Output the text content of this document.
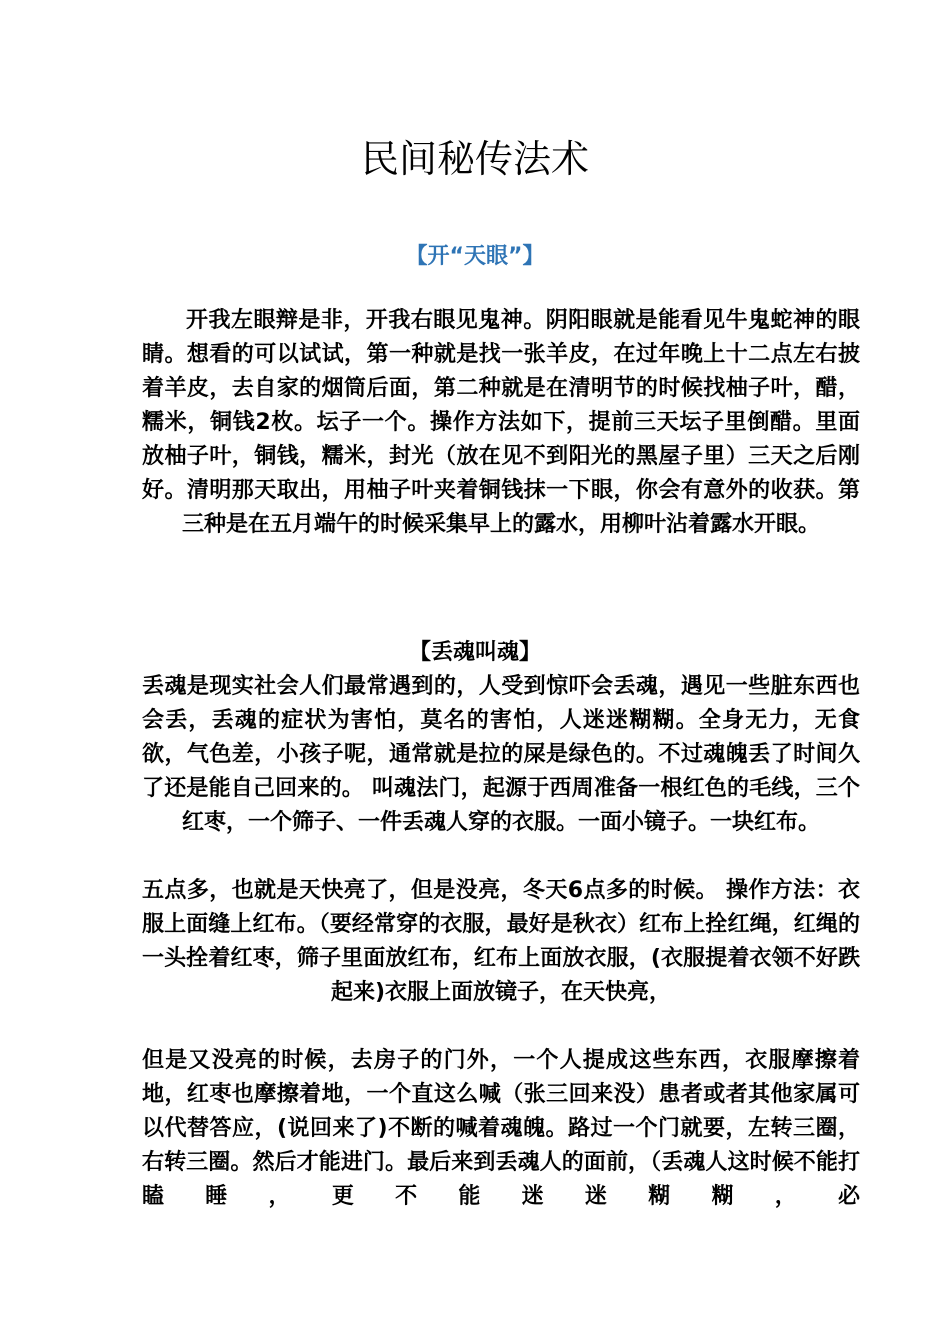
民间秘传法术
【开“天眼”】

开我左眼辩是非，开我右眼见鬼神。阴阳眼就是能看见牛鬼蛇神的眼睛。想看的可以试试，第一种就是找一张羊皮，在过年晚上十二点左右披着羊皮，去自家的烟筒后面，第二种就是在清明节的时候找柚子叶，醋，糯米，铜钱2枚。坛子一个。操作方法如下，提前三天坛子里倒醋。里面放柚子叶，铜钱，糯米，封光（放在见不到阳光的黑屋子里）三天之后刚好。清明那天取出，用柚子叶夹着铜钱抹一下眼，你会有意外的收获。第三种是在五月端午的时候采集早上的露水，用柳叶沾着露水开眼。

【丢魂叫魂】

丢魂是现实社会人们最常遇到的，人受到惊吓会丢魂，遇见一些脏东西也会丢，丢魂的症状为害怕，莫名的害怕，人迷迷糊糊。全身无力，无食欲，气色差，小孩子呢，通常就是拉的屎是绿色的。不过魂魄丢了时间久了还是能自己回来的。 叫魂法门，起源于西周准备一根红色的毛线，三个红枣，一个筛子、一件丢魂人穿的衣服。一面小镜子。一块红布。

五点多，也就是天快亮了，但是没亮，冬天6点多的时候。 操作方法：衣服上面缝上红布。（要经常穿的衣服，最好是秋衣）红布上拴红绳，红绳的一头拴着红枣，筛子里面放红布，红布上面放衣服，(衣服提着衣领不好跌起来)衣服上面放镜子，在天快亮，

但是又没亮的时候，去房子的门外，一个人提成这些东西，衣服摩擦着地，红枣也摩擦着地，一个直这么喊（张三回来没）患者或者其他家属可以代替答应，(说回来了)不断的喊着魂魄。路过一个门就要，左转三圈，右转三圈。然后才能进门。最后来到丢魂人的面前，（丢魂人这时候不能打瞌睡，更不能迷迷糊糊，必
